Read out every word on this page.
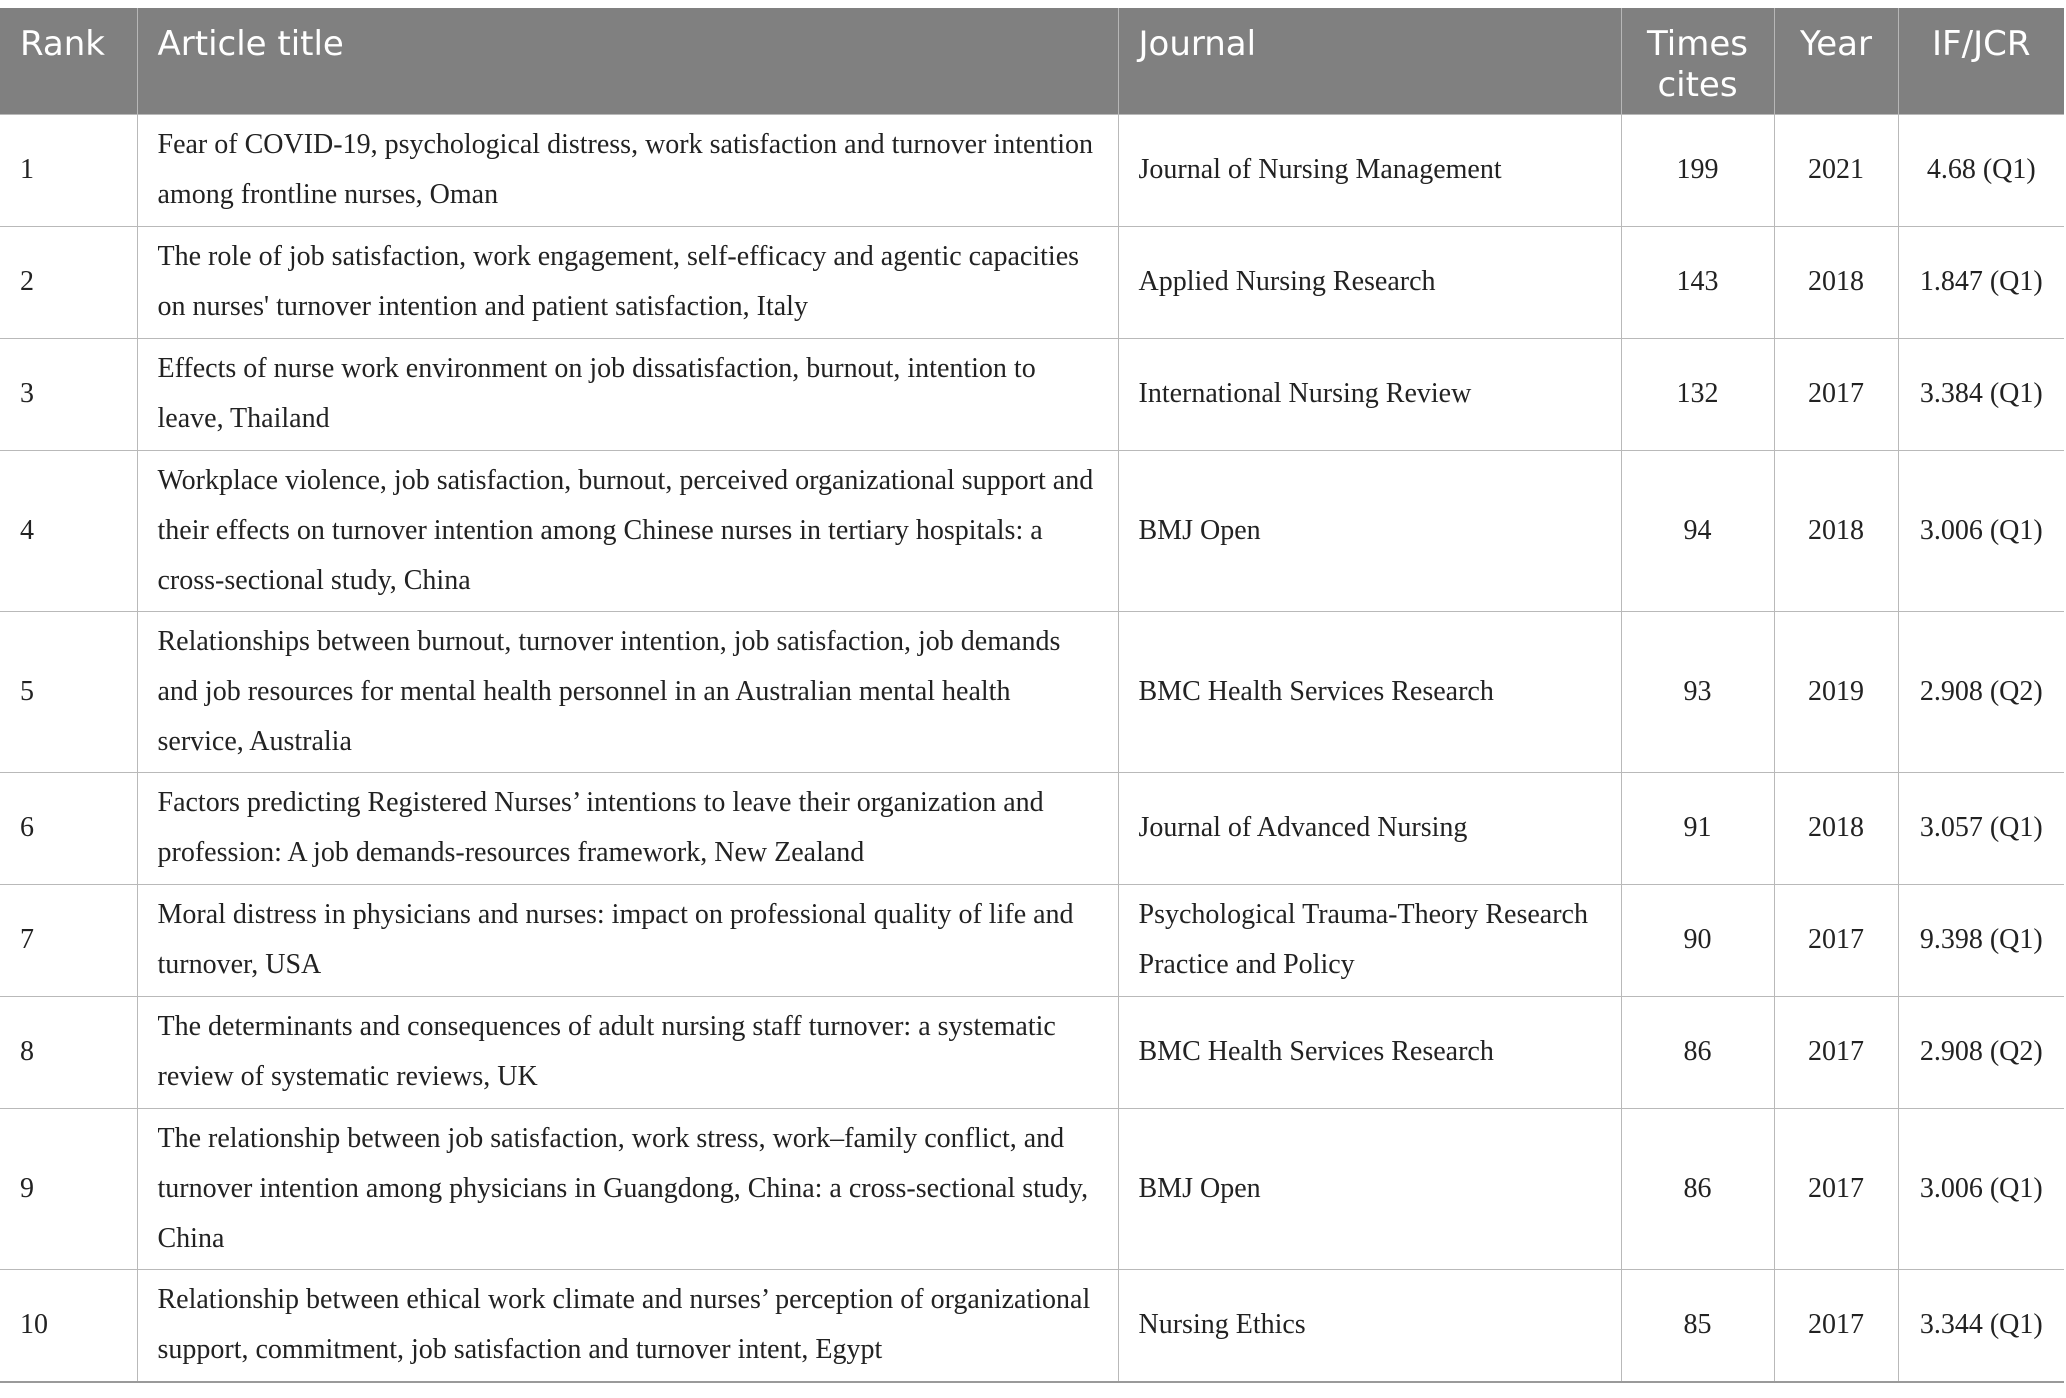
Rank	Article title	Journal	Times cites	Year	IF/JCR
1	Fear of COVID-19, psychological distress, work satisfaction and turnover intention among frontline nurses, Oman	Journal of Nursing Management	199	2021	4.68 (Q1)
2	The role of job satisfaction, work engagement, self-efficacy and agentic capacities on nurses' turnover intention and patient satisfaction, Italy	Applied Nursing Research	143	2018	1.847 (Q1)
3	Effects of nurse work environment on job dissatisfaction, burnout, intention to leave, Thailand	International Nursing Review	132	2017	3.384 (Q1)
4	Workplace violence, job satisfaction, burnout, perceived organizational support and their effects on turnover intention among Chinese nurses in tertiary hospitals: a cross-sectional study, China	BMJ Open	94	2018	3.006 (Q1)
5	Relationships between burnout, turnover intention, job satisfaction, job demands and job resources for mental health personnel in an Australian mental health service, Australia	BMC Health Services Research	93	2019	2.908 (Q2)
6	Factors predicting Registered Nurses’ intentions to leave their organization and profession: A job demands-resources framework, New Zealand	Journal of Advanced Nursing	91	2018	3.057 (Q1)
7	Moral distress in physicians and nurses: impact on professional quality of life and turnover, USA	Psychological Trauma-Theory Research Practice and Policy	90	2017	9.398 (Q1)
8	The determinants and consequences of adult nursing staff turnover: a systematic review of systematic reviews, UK	BMC Health Services Research	86	2017	2.908 (Q2)
9	The relationship between job satisfaction, work stress, work–family conflict, and turnover intention among physicians in Guangdong, China: a cross-sectional study, China	BMJ Open	86	2017	3.006 (Q1)
10	Relationship between ethical work climate and nurses’ perception of organizational support, commitment, job satisfaction and turnover intent, Egypt	Nursing Ethics	85	2017	3.344 (Q1)
